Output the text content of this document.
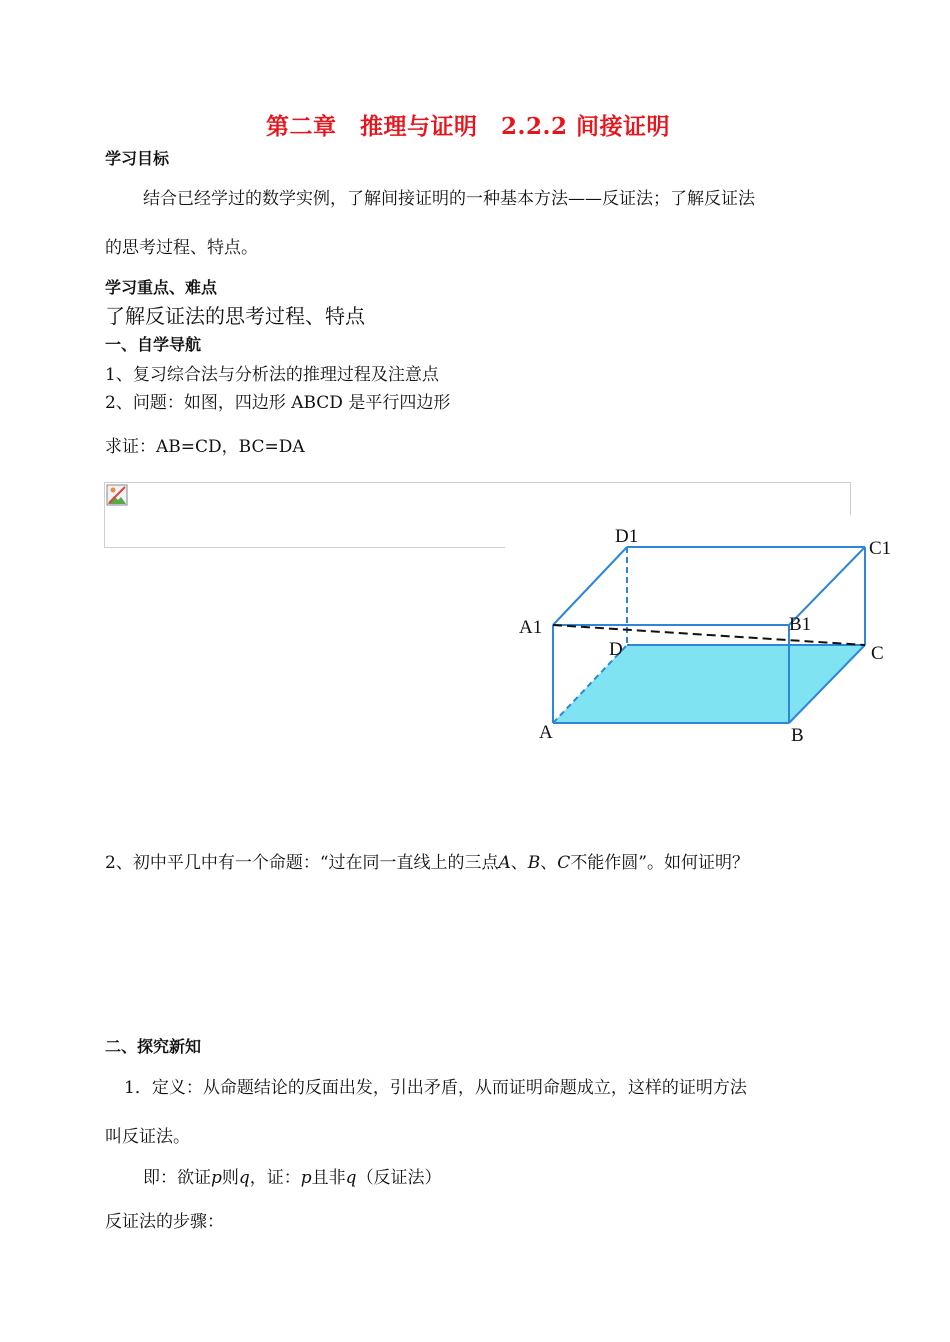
第二章　推理与证明　2.2.2 间接证明
学习目标
结合已经学过的数学实例，了解间接证明的一种基本方法——反证法；了解反证法
的思考过程、特点。
学习重点、难点
了解反证法的思考过程、特点
一、自学导航
1、复习综合法与分析法的推理过程及注意点
2、问题：如图，四边形 ABCD 是平行四边形
求证：AB=CD，BC=DA
D1
C1
A1	B1
D	C
A	B
2、初中平几中有一个命题：“过在同一直线上的三点A、B、C不能作圆”。如何证明？
二、探究新知
1．定义：从命题结论的反面出发，引出矛盾，从而证明命题成立，这样的证明方法
叫反证法。
即：欲证p则q，证：p且非q（反证法）
反证法的步骤：
